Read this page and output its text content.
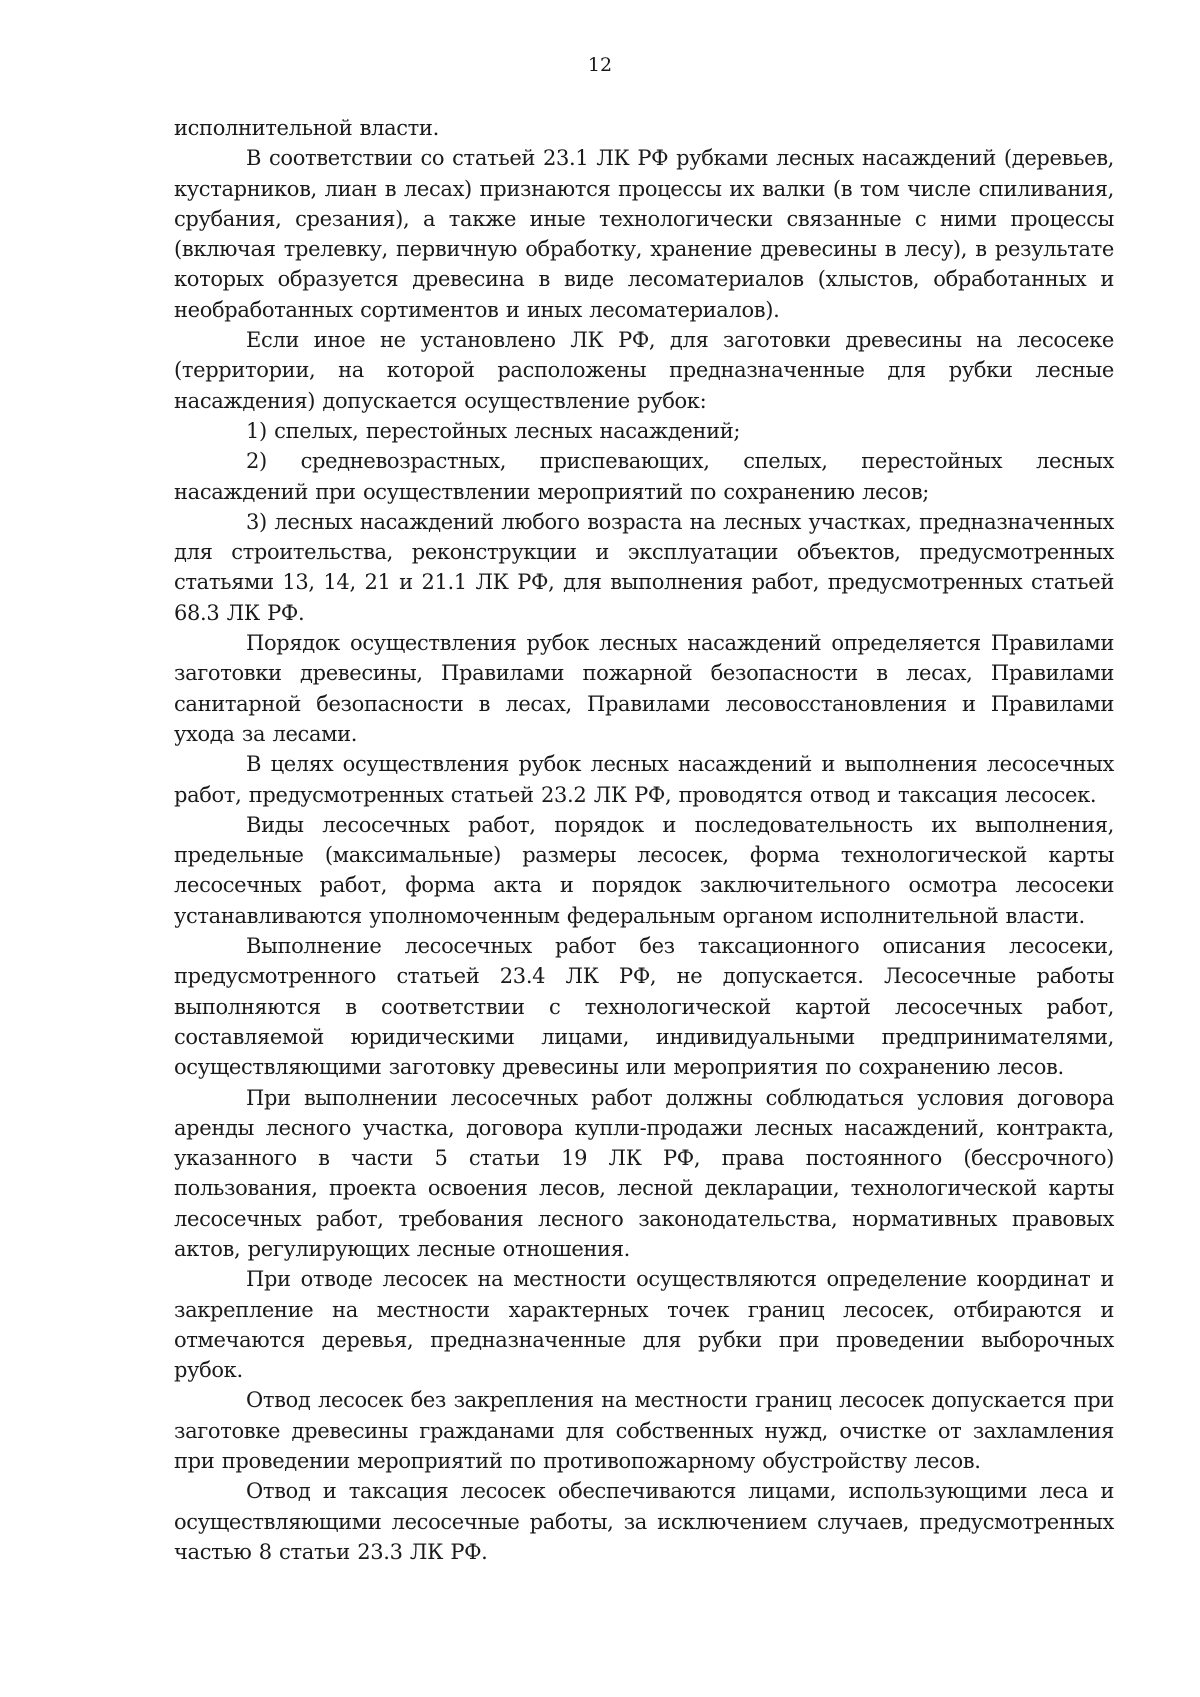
12

исполнительной власти.

В соответствии со статьей 23.1 ЛК РФ рубками лесных насаждений (деревьев, кустарников, лиан в лесах) признаются процессы их валки (в том числе спиливания, срубания, срезания), а также иные технологически связанные с ними процессы (включая трелевку, первичную обработку, хранение древесины в лесу), в результате которых образуется древесина в виде лесоматериалов (хлыстов, обработанных и необработанных сортиментов и иных лесоматериалов).

Если иное не установлено ЛК РФ, для заготовки древесины на лесосеке (территории, на которой расположены предназначенные для рубки лесные насаждения) допускается осуществление рубок:

1) спелых, перестойных лесных насаждений;

2) средневозрастных, приспевающих, спелых, перестойных лесных насаждений при осуществлении мероприятий по сохранению лесов;

3) лесных насаждений любого возраста на лесных участках, предназначенных для строительства, реконструкции и эксплуатации объектов, предусмотренных статьями 13, 14, 21 и 21.1 ЛК РФ, для выполнения работ, предусмотренных статьей 68.3 ЛК РФ.

Порядок осуществления рубок лесных насаждений определяется Правилами заготовки древесины, Правилами пожарной безопасности в лесах, Правилами санитарной безопасности в лесах, Правилами лесовосстановления и Правилами ухода за лесами.

В целях осуществления рубок лесных насаждений и выполнения лесосечных работ, предусмотренных статьей 23.2 ЛК РФ, проводятся отвод и таксация лесосек.

Виды лесосечных работ, порядок и последовательность их выполнения, предельные (максимальные) размеры лесосек, форма технологической карты лесосечных работ, форма акта и порядок заключительного осмотра лесосеки устанавливаются уполномоченным федеральным органом исполнительной власти.

Выполнение лесосечных работ без таксационного описания лесосеки, предусмотренного статьей 23.4 ЛК РФ, не допускается. Лесосечные работы выполняются в соответствии с технологической картой лесосечных работ, составляемой юридическими лицами, индивидуальными предпринимателями, осуществляющими заготовку древесины или мероприятия по сохранению лесов.

При выполнении лесосечных работ должны соблюдаться условия договора аренды лесного участка, договора купли-продажи лесных насаждений, контракта, указанного в части 5 статьи 19 ЛК РФ, права постоянного (бессрочного) пользования, проекта освоения лесов, лесной декларации, технологической карты лесосечных работ, требования лесного законодательства, нормативных правовых актов, регулирующих лесные отношения.

При отводе лесосек на местности осуществляются определение координат и закрепление на местности характерных точек границ лесосек, отбираются и отмечаются деревья, предназначенные для рубки при проведении выборочных рубок.

Отвод лесосек без закрепления на местности границ лесосек допускается при заготовке древесины гражданами для собственных нужд, очистке от захламления при проведении мероприятий по противопожарному обустройству лесов.

Отвод и таксация лесосек обеспечиваются лицами, использующими леса и осуществляющими лесосечные работы, за исключением случаев, предусмотренных частью 8 статьи 23.3 ЛК РФ.
